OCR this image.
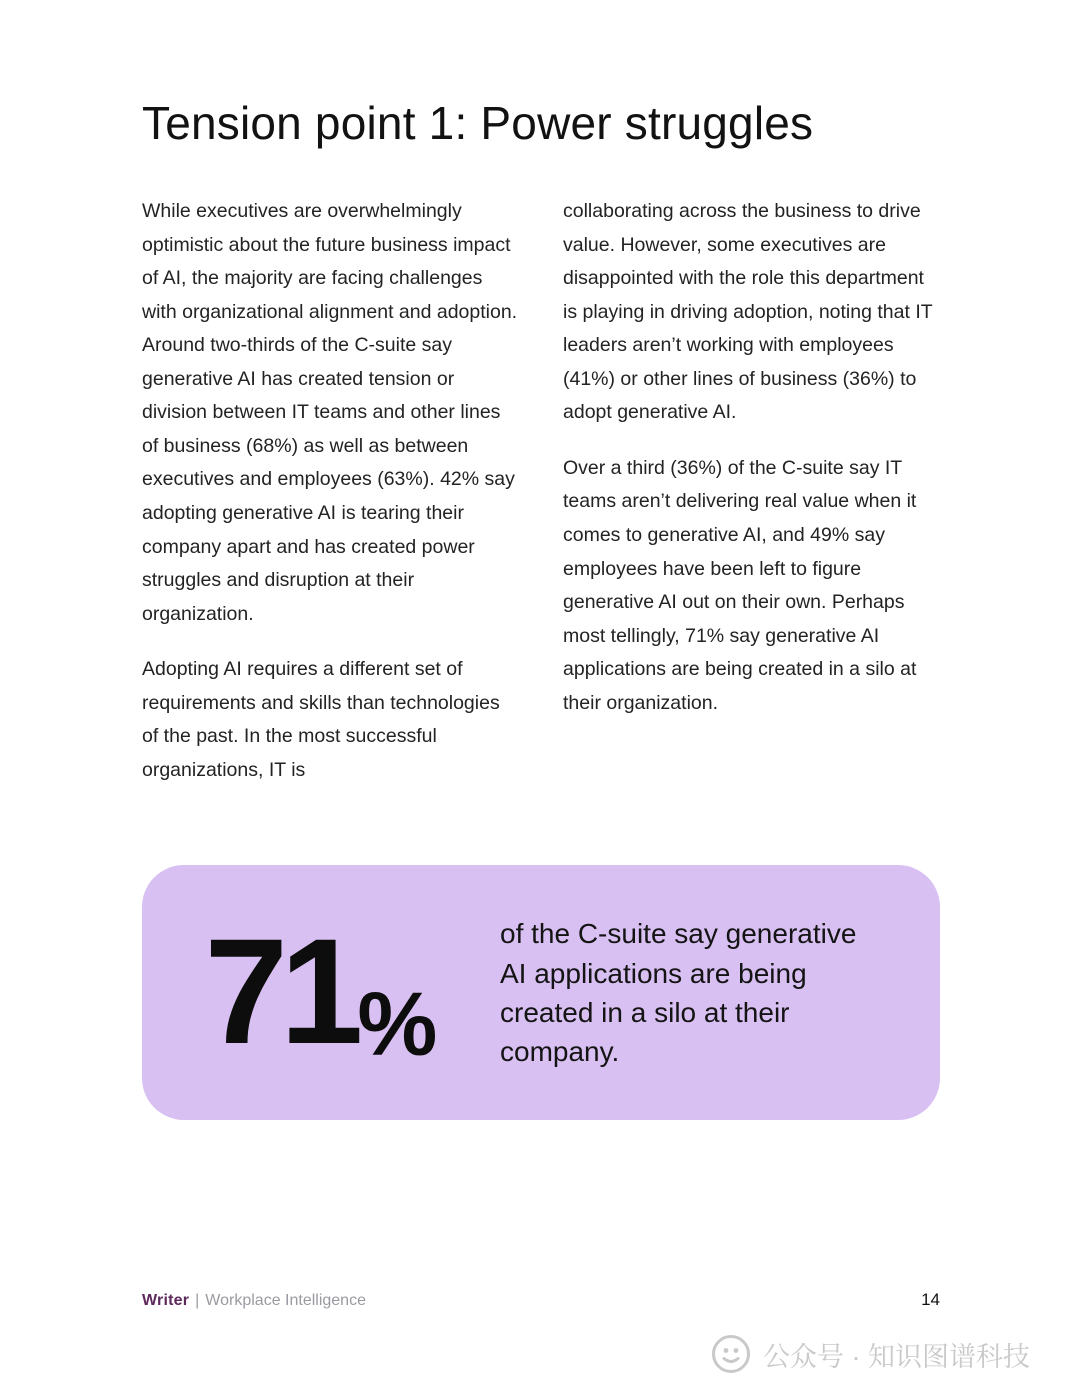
Tension point 1: Power struggles

While executives are overwhelmingly optimistic about the future business impact of AI, the majority are facing challenges with organizational alignment and adoption. Around two-thirds of the C-suite say generative AI has created tension or division between IT teams and other lines of business (68%) as well as between executives and employees (63%). 42% say adopting generative AI is tearing their company apart and has created power struggles and disruption at their organization.

Adopting AI requires a different set of requirements and skills than technologies of the past. In the most successful organizations, IT is

collaborating across the business to drive value. However, some executives are disappointed with the role this department is playing in driving adoption, noting that IT leaders aren’t working with employees (41%) or other lines of business (36%) to adopt generative AI.

Over a third (36%) of the C-suite say IT teams aren’t delivering real value when it comes to generative AI, and 49% say employees have been left to figure generative AI out on their own. Perhaps most tellingly, 71% say generative AI applications are being created in a silo at their organization.

71%
of the C-suite say generative AI applications are being created in a silo at their company.
Writer | Workplace Intelligence	14
公众号 · 知识图谱科技
